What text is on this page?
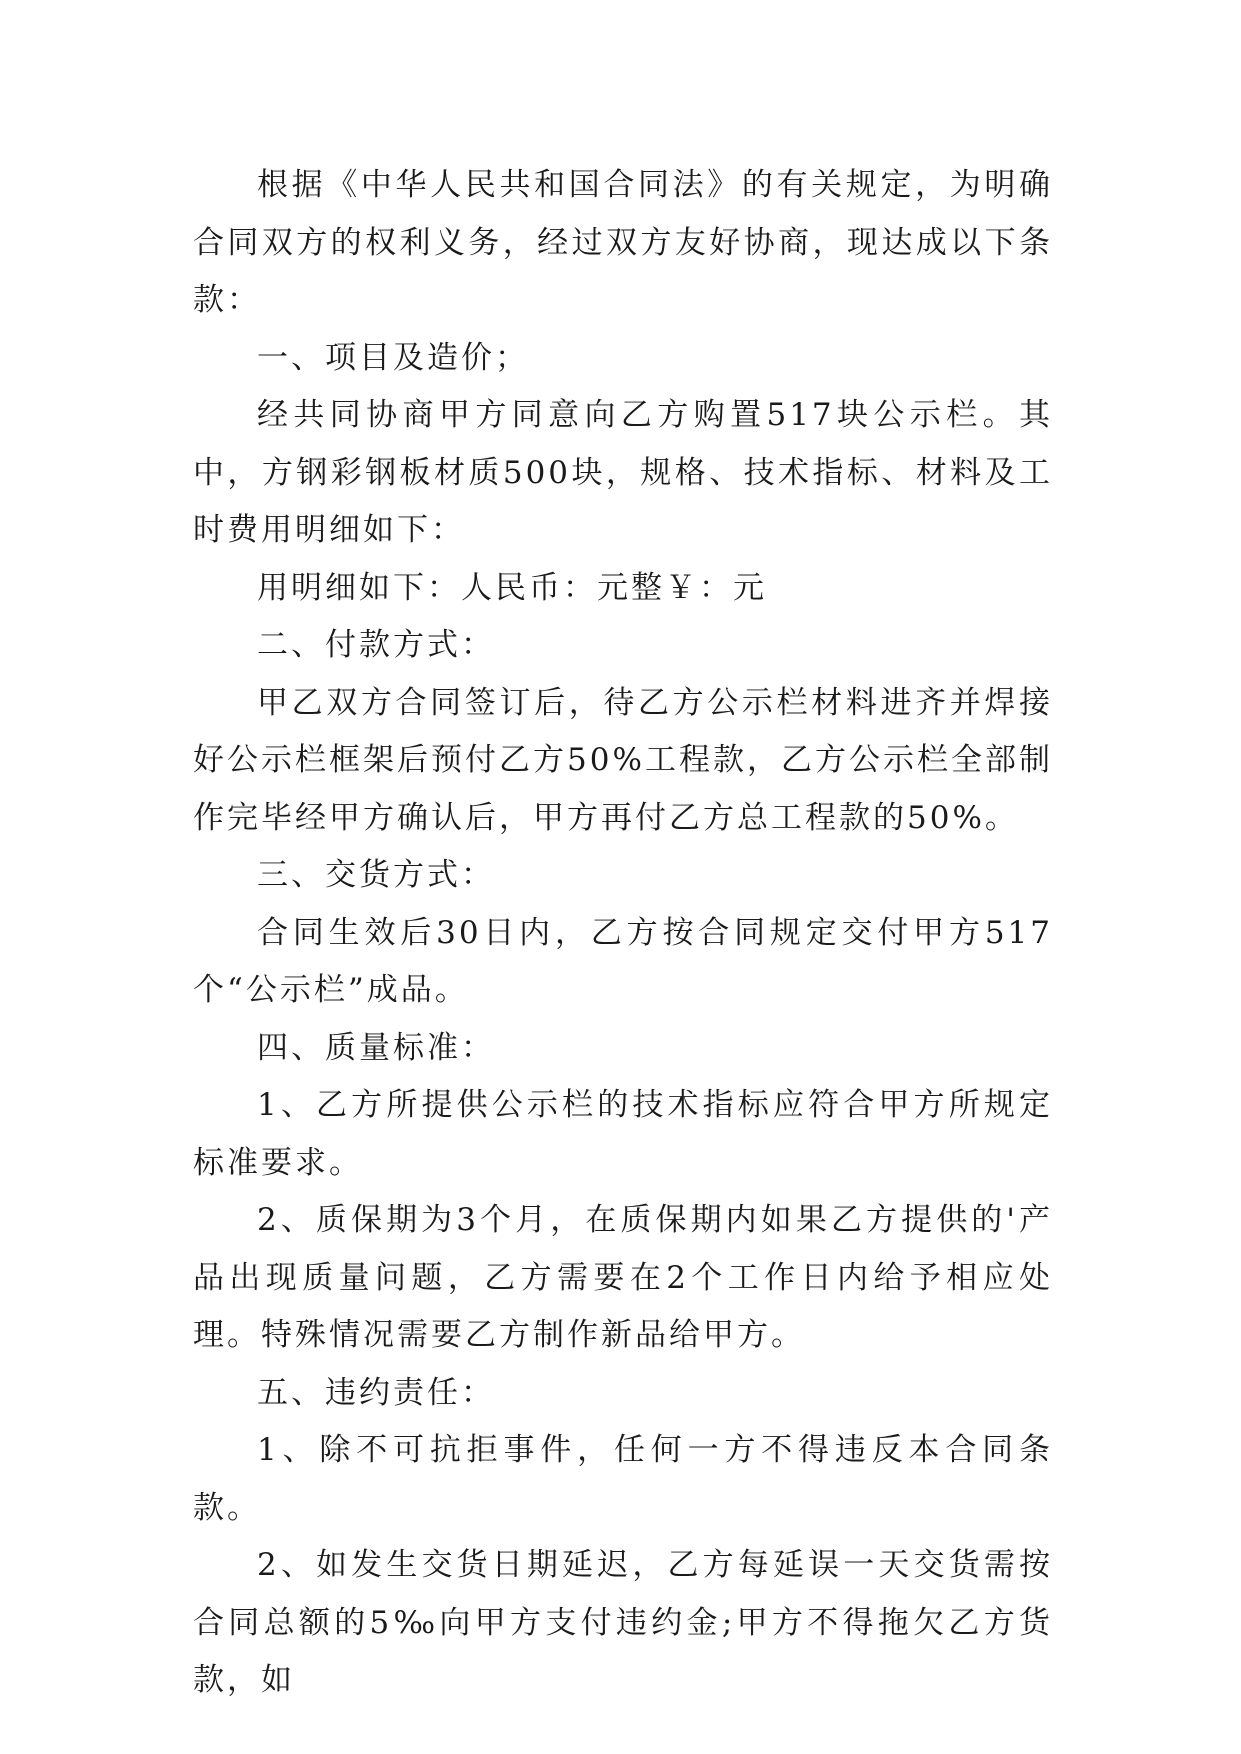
根据《中华人民共和国合同法》的有关规定，为明确合同双方的权利义务，经过双方友好协商，现达成以下条款：

一、项目及造价；

经共同协商甲方同意向乙方购置517块公示栏。其中，方钢彩钢板材质500块，规格、技术指标、材料及工时费用明细如下：

用明细如下：人民币：元整￥：元

二、付款方式：

甲乙双方合同签订后，待乙方公示栏材料进齐并焊接好公示栏框架后预付乙方50%工程款，乙方公示栏全部制作完毕经甲方确认后，甲方再付乙方总工程款的50%。

三、交货方式：

合同生效后30日内，乙方按合同规定交付甲方517个“公示栏”成品。

四、质量标准：

1、乙方所提供公示栏的技术指标应符合甲方所规定标准要求。

2、质保期为3个月，在质保期内如果乙方提供的'产品出现质量问题，乙方需要在2个工作日内给予相应处理。特殊情况需要乙方制作新品给甲方。

五、违约责任：

1、除不可抗拒事件，任何一方不得违反本合同条款。

2、如发生交货日期延迟，乙方每延误一天交货需按合同总额的5‰向甲方支付违约金;甲方不得拖欠乙方货款，如
